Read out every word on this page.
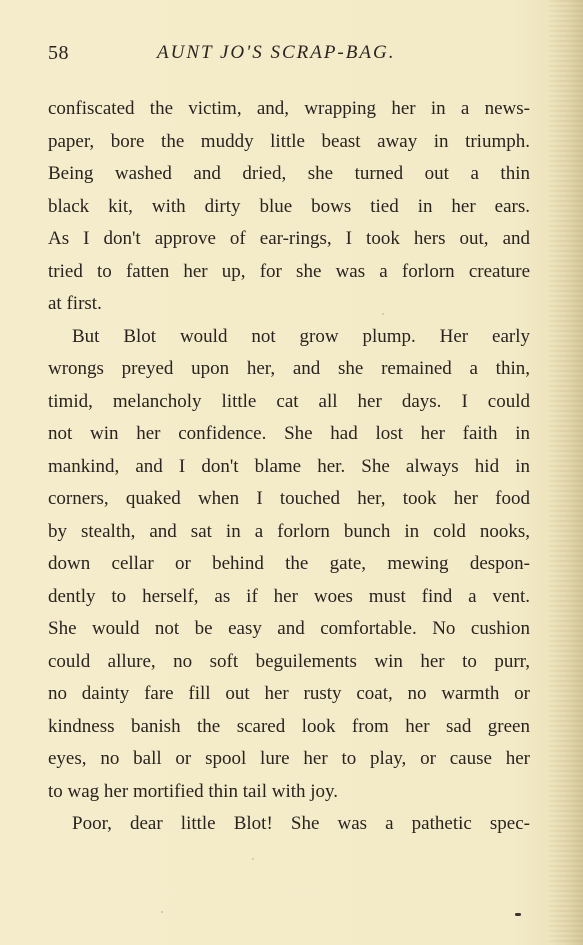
58	AUNT JO'S SCRAP-BAG.
confiscated the victim, and, wrapping her in a news-
paper, bore the muddy little beast away in triumph.
Being washed and dried, she turned out a thin
black kit, with dirty blue bows tied in her ears.
As I don't approve of ear-rings, I took hers out, and
tried to fatten her up, for she was a forlorn creature
at first.
But Blot would not grow plump. Her early
wrongs preyed upon her, and she remained a thin,
timid, melancholy little cat all her days. I could
not win her confidence. She had lost her faith in
mankind, and I don't blame her. She always hid in
corners, quaked when I touched her, took her food
by stealth, and sat in a forlorn bunch in cold nooks,
down cellar or behind the gate, mewing despon-
dently to herself, as if her woes must find a vent.
She would not be easy and comfortable. No cushion
could allure, no soft beguilements win her to purr,
no dainty fare fill out her rusty coat, no warmth or
kindness banish the scared look from her sad green
eyes, no ball or spool lure her to play, or cause her
to wag her mortified thin tail with joy.
Poor, dear little Blot! She was a pathetic spec-
